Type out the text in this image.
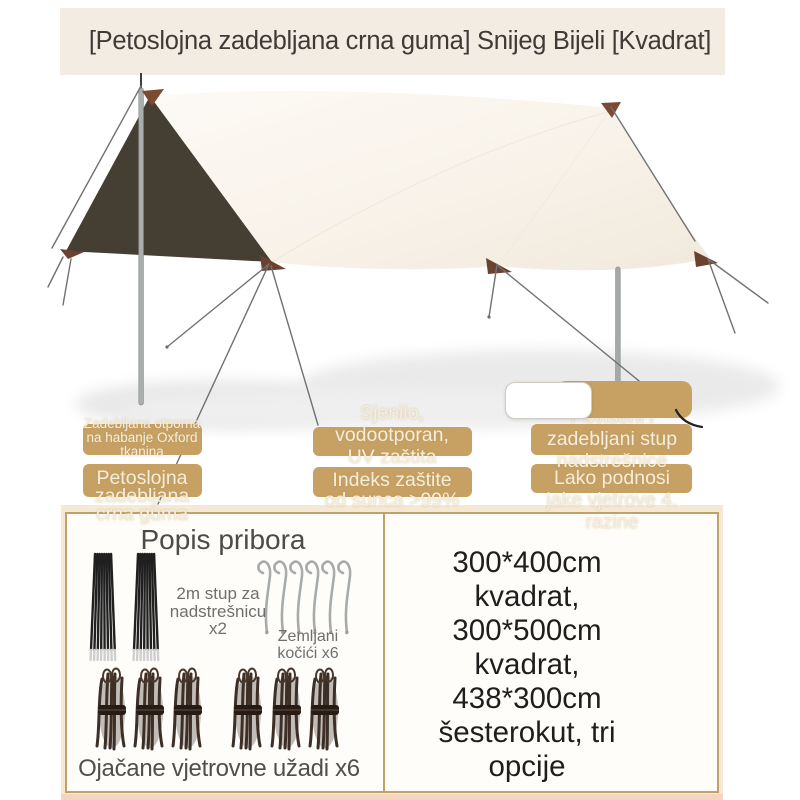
[Petoslojna zadebljana crna guma] Snijeg Bijeli [Kvadrat]
Zadebljana otporna
na habanje Oxford
tkanina
Petoslojna
zadebljana
crna guma
Sjenilo,
vodootporan,
UV zaštita
Indeks zaštite
od sunca >99%
zadebljani stup
nadstrešnice
Lako podnosi
jake vjetrove 4.
razine
Popis pribora
2m stup za
nadstrešnicu
x2	Zemljani
kočići x6
Ojačane vjetrovne užadi x6
300*400cm
kvadrat,
300*500cm
kvadrat,
438*300cm
šesterokut, tri
opcije
